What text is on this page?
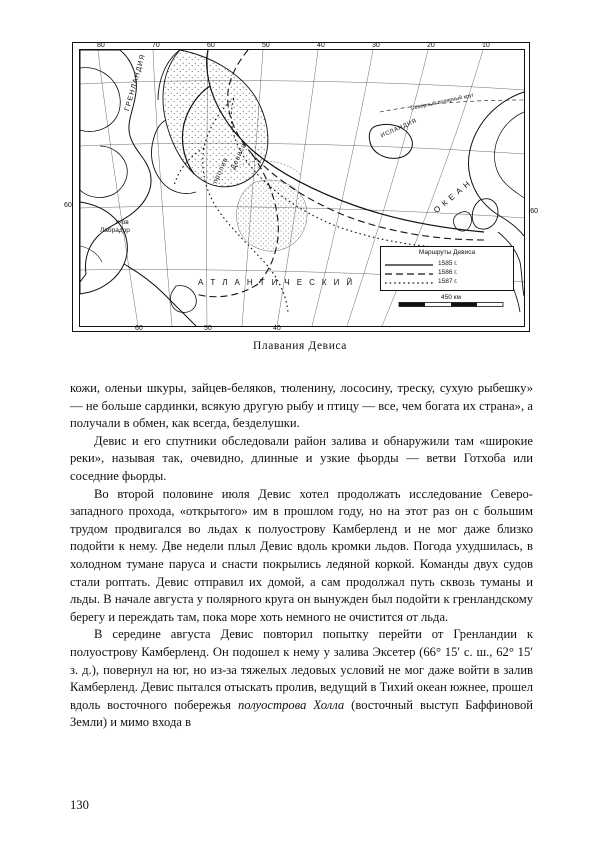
п-ов
Лабрадор
ГРЕНЛАНДИЯ
Девиса
пролив
Северный полярный круг
ИСЛАНДИЯ
О К Е А Н
А Т Л А Н Т И Ч Е С К И Й
Маршруты Девиса
1585 г.
1586 г.
1587 г.
450 км
80	70	60	50	40	30	20	10
60	50	40
60
60
Плавания Девиса

кожи, оленьи шкуры, зайцев-беляков, тюленину, лососину, треску, сухую рыбешку» — не больше сардинки, всякую другую рыбу и птицу — все, чем богата их страна», а получали в обмен, как всегда, безделушки.

Девис и его спутники обследовали район залива и обнаружили там «широкие реки», называя так, очевидно, длинные и узкие фьорды — ветви Готхоба или соседние фьорды.

Во второй половине июля Девис хотел продолжать исследование Северо-западного прохода, «открытого» им в прошлом году, но на этот раз он с большим трудом продвигался во льдах к полуострову Камберленд и не мог даже близко подойти к нему. Две недели плыл Девис вдоль кромки льдов. Погода ухудшилась, в холодном тумане паруса и снасти покрылись ледяной коркой. Команды двух судов стали роптать. Девис отправил их домой, а сам продолжал путь сквозь туманы и льды. В начале августа у полярного круга он вынужден был подойти к гренландскому берегу и переждать там, пока море хоть немного не очистится от льда.

В середине августа Девис повторил попытку перейти от Гренландии к полуострову Камберленд. Он подошел к нему у залива Эксетер (66° 15′ с. ш., 62° 15′ з. д.), повернул на юг, но из-за тяжелых ледовых условий не мог даже войти в залив Камберленд. Девис пытался отыскать пролив, ведущий в Тихий океан южнее, прошел вдоль восточного побережья полуострова Холла (восточный выступ Баффиновой Земли) и мимо входа в

130
